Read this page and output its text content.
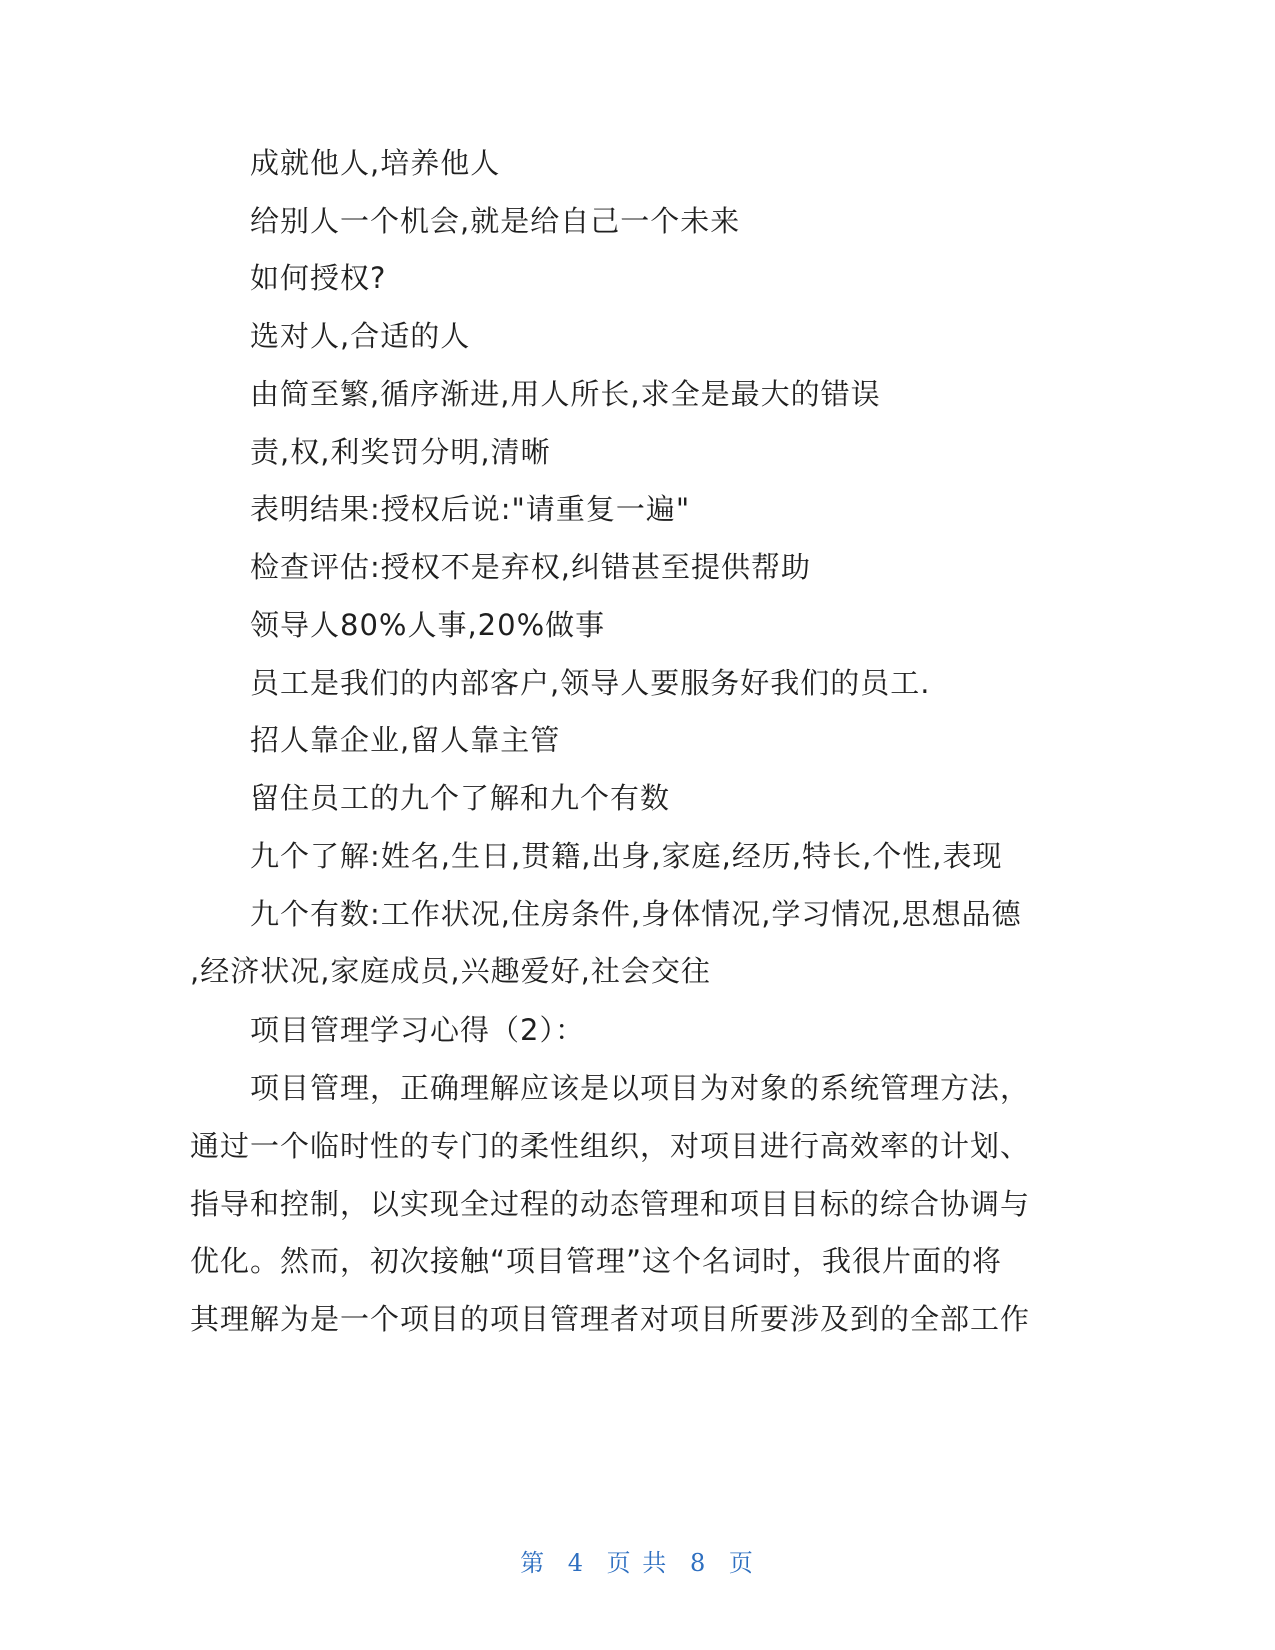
成就他人,培养他人
给别人一个机会,就是给自己一个未来
如何授权?
选对人,合适的人
由简至繁,循序渐进,用人所长,求全是最大的错误
责,权,利奖罚分明,清晰
表明结果:授权后说:"请重复一遍"
检查评估:授权不是弃权,纠错甚至提供帮助
领导人80%人事,20%做事
员工是我们的内部客户,领导人要服务好我们的员工.
招人靠企业,留人靠主管
留住员工的九个了解和九个有数
九个了解:姓名,生日,贯籍,出身,家庭,经历,特长,个性,表现
九个有数:工作状况,住房条件,身体情况,学习情况,思想品德
,经济状况,家庭成员,兴趣爱好,社会交往
项目管理学习心得（2）：
项目管理，正确理解应该是以项目为对象的系统管理方法，
通过一个临时性的专门的柔性组织，对项目进行高效率的计划、
指导和控制，以实现全过程的动态管理和项目目标的综合协调与
优化。然而，初次接触“项目管理”这个名词时，我很片面的将
其理解为是一个项目的项目管理者对项目所要涉及到的全部工作
第 4 页 共 8 页
